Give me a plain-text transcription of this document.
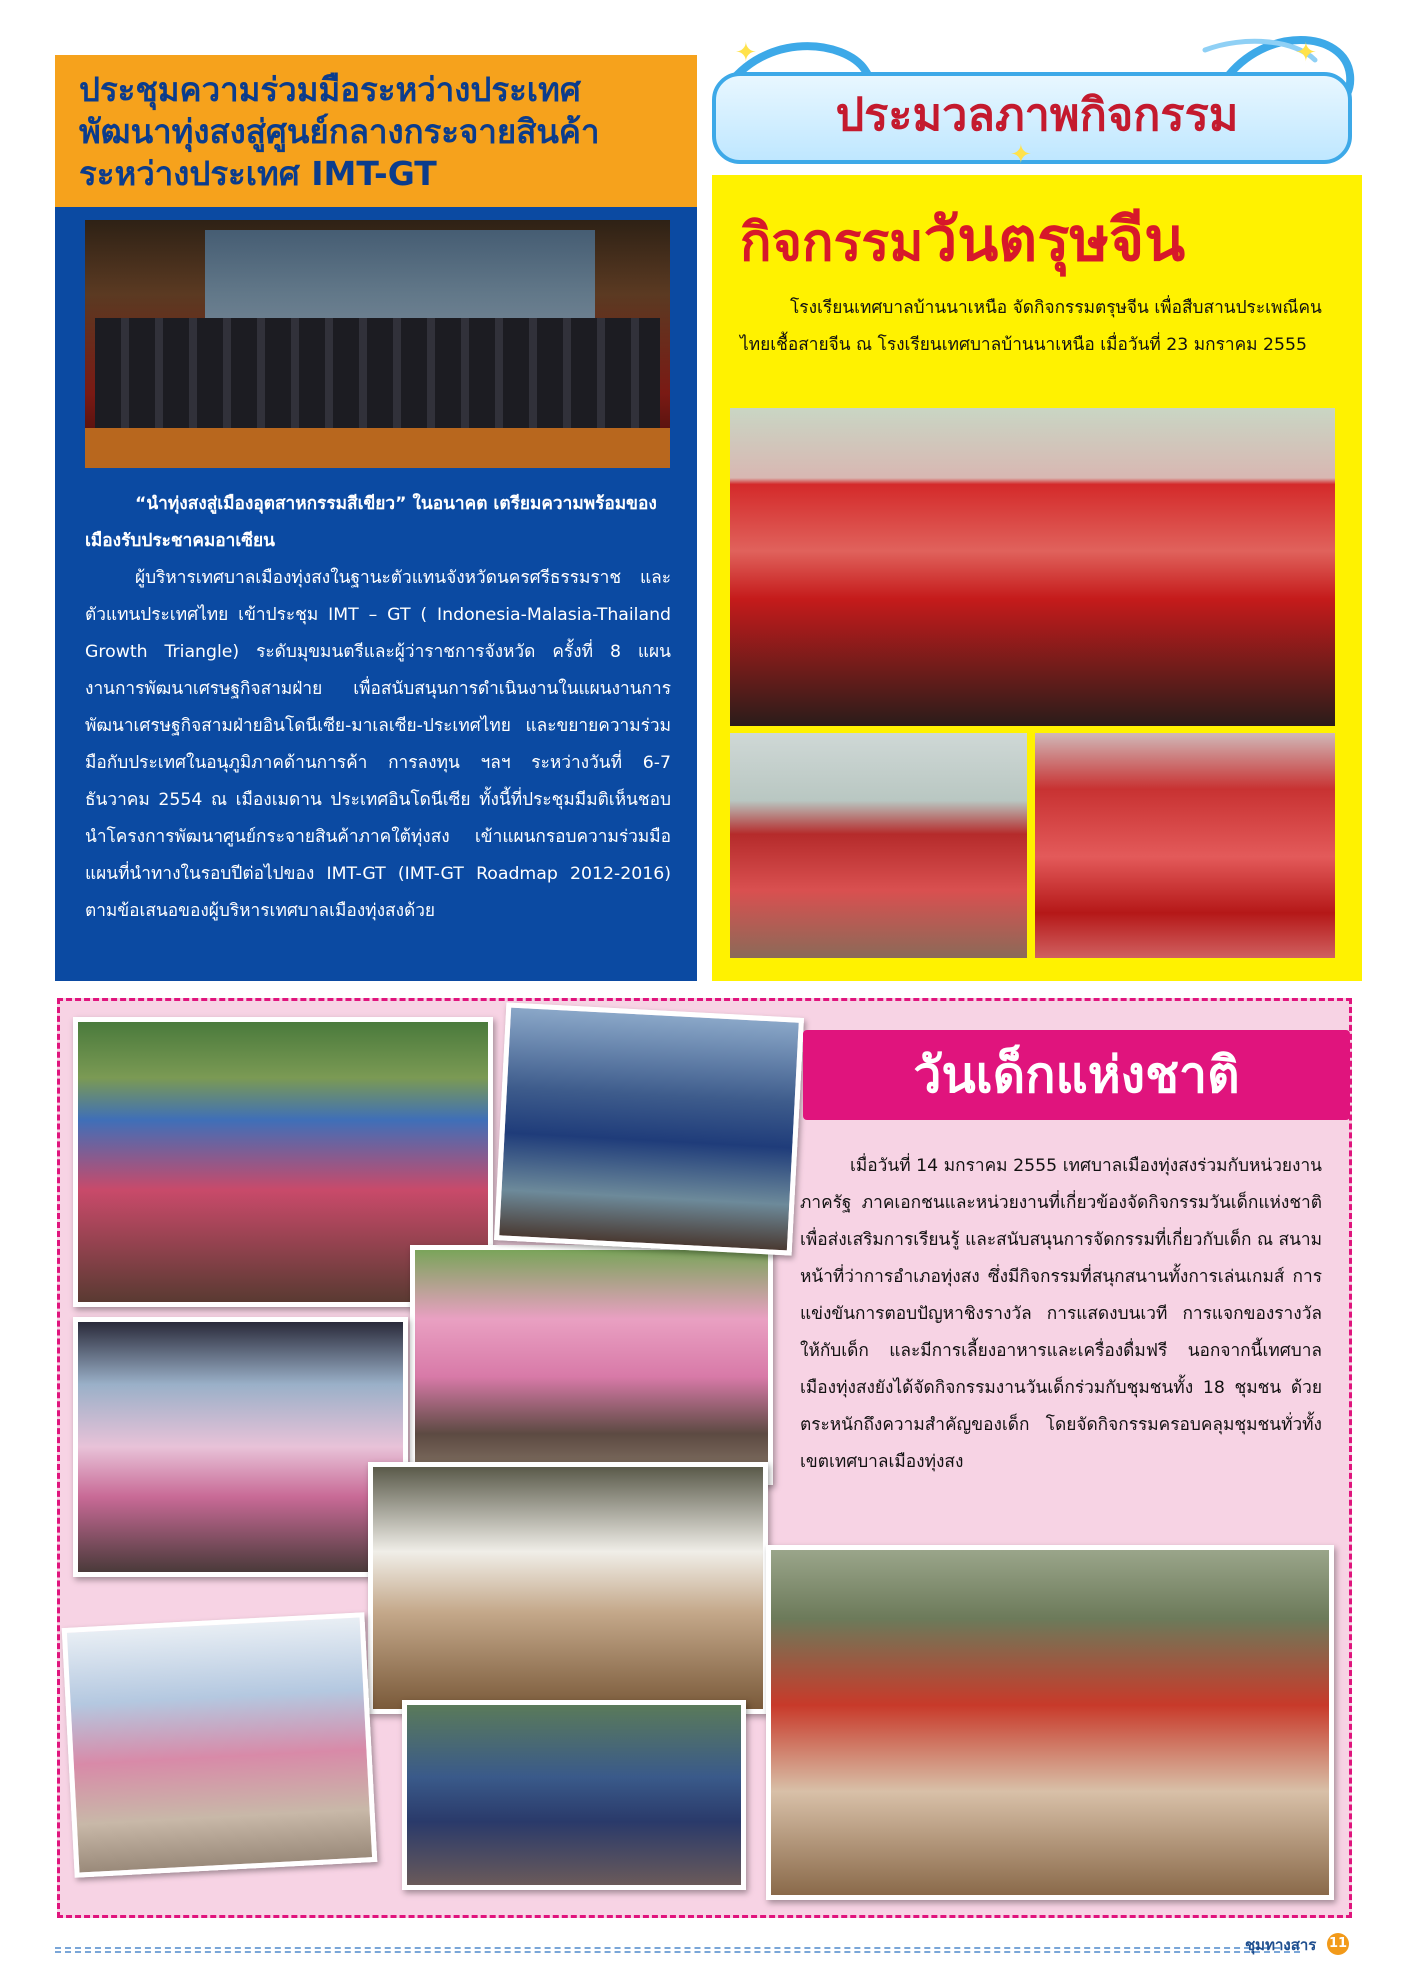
ประชุมความร่วมมือระหว่างประเทศ
พัฒนาทุ่งสงสู่ศูนย์กลางกระจายสินค้า
ระหว่างประเทศ IMT-GT

“นำทุ่งสงสู่เมืองอุตสาหกรรมสีเขียว” ในอนาคต เตรียมความพร้อมของเมืองรับประชาคมอาเซียน

ผู้บริหารเทศบาลเมืองทุ่งสงในฐานะตัวแทนจังหวัดนครศรีธรรมราช และตัวแทนประเทศไทย เข้าประชุม IMT – GT ( Indonesia-Malasia-Thailand Growth Triangle) ระดับมุขมนตรีและผู้ว่าราชการจังหวัด ครั้งที่ 8 แผนงานการพัฒนาเศรษฐกิจสามฝ่าย เพื่อสนับสนุนการดำเนินงานในแผนงานการพัฒนาเศรษฐกิจสามฝ่ายอินโดนีเซีย-มาเลเซีย-ประเทศไทย และขยายความร่วมมือกับประเทศในอนุภูมิภาคด้านการค้า การลงทุน ฯลฯ ระหว่างวันที่ 6-7 ธันวาคม 2554 ณ เมืองเมดาน ประเทศอินโดนีเซีย ทั้งนี้ที่ประชุมมีมติเห็นชอบนำโครงการพัฒนาศูนย์กระจายสินค้าภาคใต้ทุ่งสง เข้าแผนกรอบความร่วมมือ แผนที่นำทางในรอบปีต่อไปของ IMT-GT (IMT-GT Roadmap 2012-2016) ตามข้อเสนอของผู้บริหารเทศบาลเมืองทุ่งสงด้วย

ประมวลภาพกิจกรรม
✦	✦
✦
กิจกรรมวันตรุษจีน

โรงเรียนเทศบาลบ้านนาเหนือ จัดกิจกรรมตรุษจีน เพื่อสืบสานประเพณีคนไทยเชื้อสายจีน ณ โรงเรียนเทศบาลบ้านนาเหนือ เมื่อวันที่ 23 มกราคม 2555

วันเด็กแห่งชาติ

เมื่อวันที่ 14 มกราคม 2555 เทศบาลเมืองทุ่งสงร่วมกับหน่วยงานภาครัฐ ภาคเอกชนและหน่วยงานที่เกี่ยวข้องจัดกิจกรรมวันเด็กแห่งชาติ เพื่อส่งเสริมการเรียนรู้ และสนับสนุนการจัดกรรมที่เกี่ยวกับเด็ก ณ สนามหน้าที่ว่าการอำเภอทุ่งสง ซึ่งมีกิจกรรมที่สนุกสนานทั้งการเล่นเกมส์ การแข่งขันการตอบปัญหาชิงรางวัล การแสดงบนเวที การแจกของรางวัลให้กับเด็ก และมีการเลี้ยงอาหารและเครื่องดื่มฟรี นอกจากนี้เทศบาลเมืองทุ่งสงยังได้จัดกิจกรรมงานวันเด็กร่วมกับชุมชนทั้ง 18 ชุมชน ด้วยตระหนักถึงความสำคัญของเด็ก โดยจัดกิจกรรมครอบคลุมชุมชนทั่วทั้งเขตเทศบาลเมืองทุ่งสง

ชุมทางสาร 11
